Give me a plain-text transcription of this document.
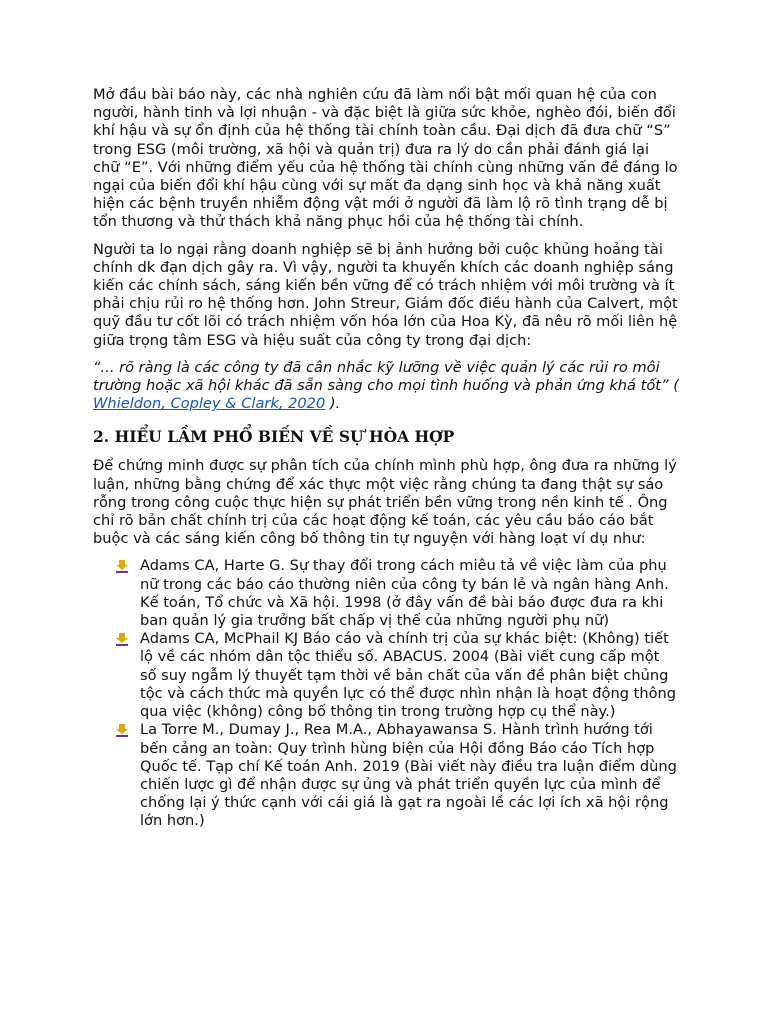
Mở đầu bài báo này, các nhà nghiên cứu đã làm nổi bật mối quan hệ của con người, hành tinh và lợi nhuận - và đặc biệt là giữa sức khỏe, nghèo đói, biến đổi khí hậu và sự ổn định của hệ thống tài chính toàn cầu. Đại dịch đã đưa chữ “S” trong ESG (môi trường, xã hội và quản trị) đưa ra lý do cần phải đánh giá lại chữ “E”. Với những điểm yếu của hệ thống tài chính cùng những vấn đề đáng lo ngại của biến đổi khí hậu cùng với sự mất đa dạng sinh học và khả năng xuất hiện các bệnh truyền nhiễm động vật mới ở người đã làm lộ rõ tình trạng dễ bị tổn thương và thử thách khả năng phục hồi của hệ thống tài chính.

Người ta lo ngại rằng doanh nghiệp sẽ bị ảnh hưởng bởi cuộc khủng hoảng tài chính dk đạn dịch gây ra. Vì vậy, người ta khuyến khích các doanh nghiệp sáng kiến các chính sách, sáng kiến bền vững để có trách nhiệm với môi trường và ít phải chịu rủi ro hệ thống hơn. John Streur, Giám đốc điều hành của Calvert, một quỹ đầu tư cốt lõi có trách nhiệm vốn hóa lớn của Hoa Kỳ, đã nêu rõ mối liên hệ giữa trọng tâm ESG và hiệu suất của công ty trong đại dịch:

“... rõ ràng là các công ty đã cân nhắc kỹ lưỡng về việc quản lý các rủi ro môi trường hoặc xã hội khác đã sẵn sàng cho mọi tình huống và phản ứng khá tốt” ( Whieldon, Copley & Clark, 2020 ).

2. HIỂU LẦM PHỔ BIẾN VỀ SỰ HÒA HỢP

Để chứng minh được sự phân tích của chính mình phù hợp, ông đưa ra những lý luận, những bằng chứng để xác thực một việc rằng chúng ta đang thật sự sáo rỗng trong công cuộc thực hiện sự phát triển bền vững trong nền kinh tế . Ông chỉ rõ bản chất chính trị của các hoạt động kế toán, các yêu cầu báo cáo bắt buộc và các sáng kiến công bố thông tin tự nguyện với hàng loạt ví dụ như:

Adams CA, Harte G. Sự thay đổi trong cách miêu tả về việc làm của phụ nữ trong các báo cáo thường niên của công ty bán lẻ và ngân hàng Anh. Kế toán, Tổ chức và Xã hội. 1998 (ở đây vấn đề bài báo được đưa ra khi ban quản lý gia trưởng bất chấp vị thế của những người phụ nữ)
Adams CA, McPhail KJ Báo cáo và chính trị của sự khác biệt: (Không) tiết lộ về các nhóm dân tộc thiểu số. ABACUS. 2004 (Bài viết cung cấp một số suy ngẫm lý thuyết tạm thời về bản chất của vấn đề phân biệt chủng tộc và cách thức mà quyền lực có thể được nhìn nhận là hoạt động thông qua việc (không) công bố thông tin trong trường hợp cụ thể này.)
La Torre M., Dumay J., Rea M.A., Abhayawansa S. Hành trình hướng tới bến cảng an toàn: Quy trình hùng biện của Hội đồng Báo cáo Tích hợp Quốc tế. Tạp chí Kế toán Anh. 2019 (Bài viết này điều tra luận điểm dùng chiến lược gì để nhận được sự ủng và phát triển quyền lực của mình để chống lại ý thức cạnh với cái giá là gạt ra ngoài lề các lợi ích xã hội rộng lớn hơn.)
